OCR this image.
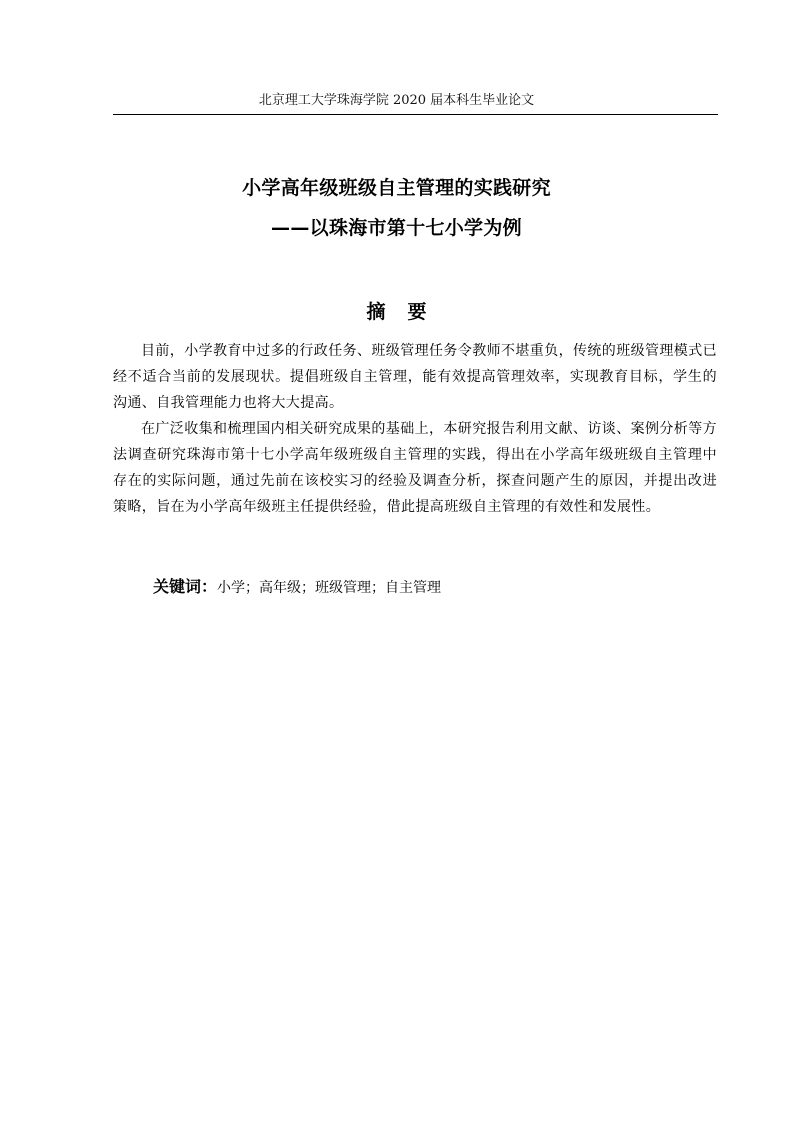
北京理工大学珠海学院 2020 届本科生毕业论文
小学高年级班级自主管理的实践研究
——以珠海市第十七小学为例
摘要

目前，小学教育中过多的行政任务、班级管理任务令教师不堪重负，传统的班级管理模式已经不适合当前的发展现状。提倡班级自主管理，能有效提高管理效率，实现教育目标，学生的沟通、自我管理能力也将大大提高。

在广泛收集和梳理国内相关研究成果的基础上，本研究报告利用文献、访谈、案例分析等方法调查研究珠海市第十七小学高年级班级自主管理的实践，得出在小学高年级班级自主管理中存在的实际问题，通过先前在该校实习的经验及调查分析，探查问题产生的原因，并提出改进策略，旨在为小学高年级班主任提供经验，借此提高班级自主管理的有效性和发展性。

关键词：小学；高年级；班级管理；自主管理
